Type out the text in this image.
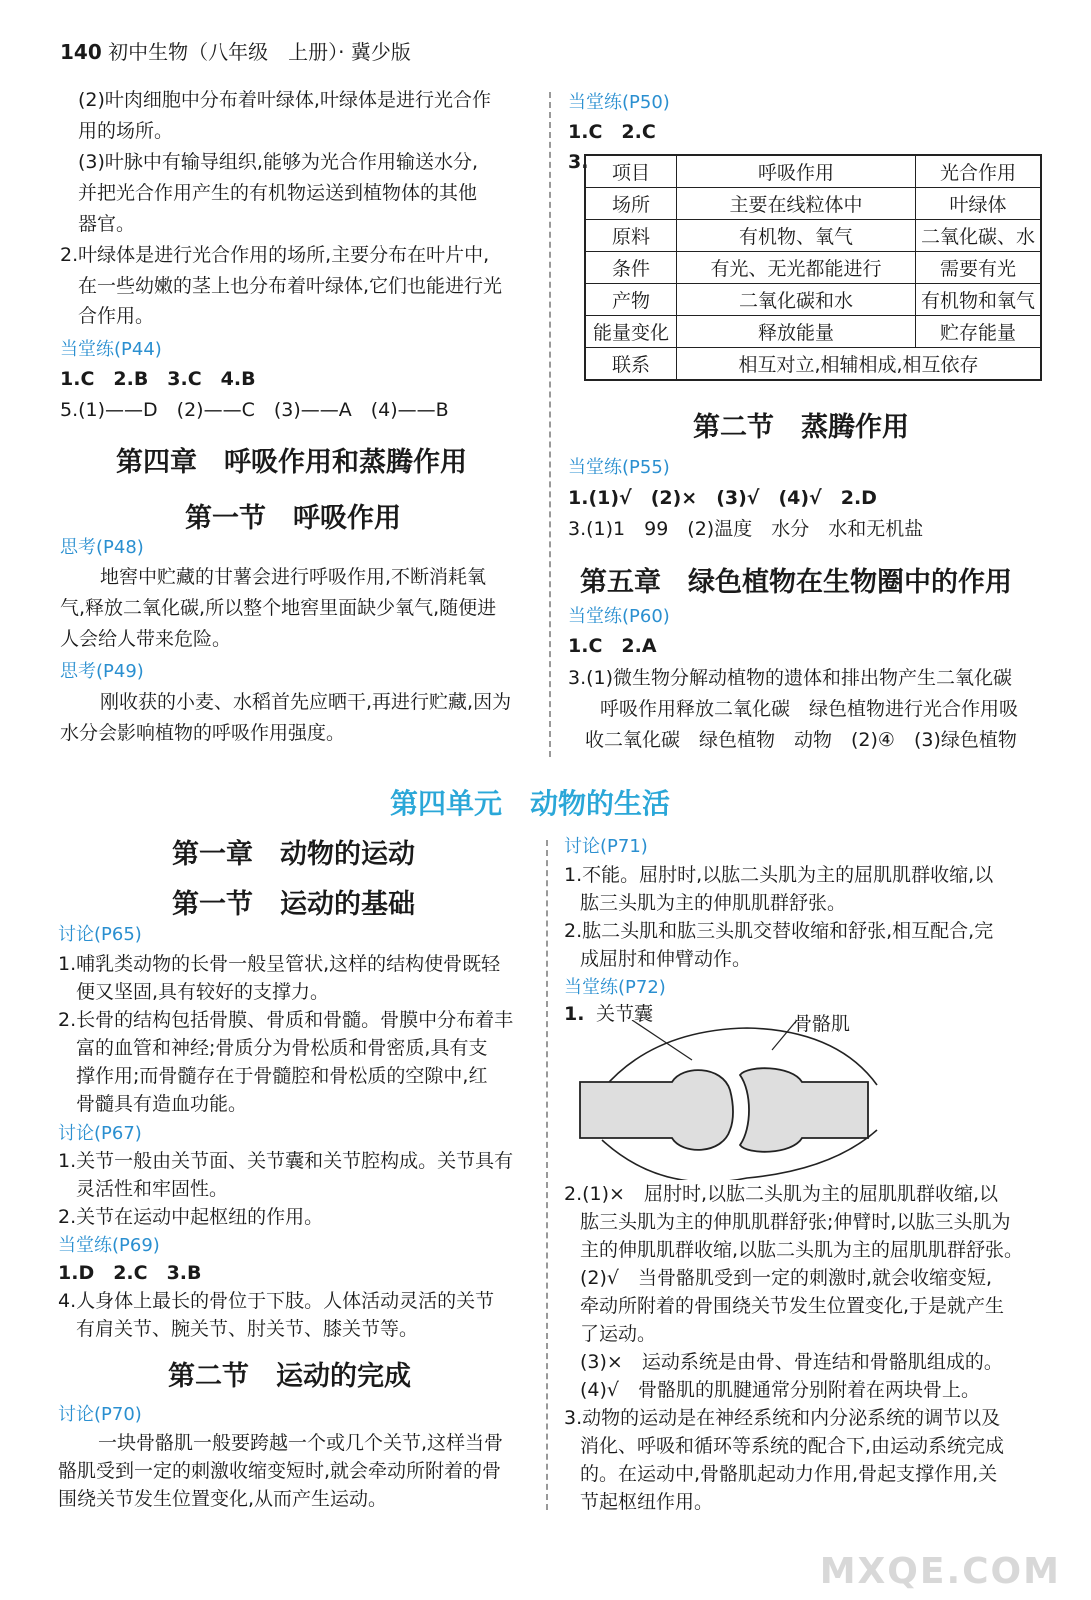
140 初中生物（八年级　上册）· 冀少版
(2)叶肉细胞中分布着叶绿体,叶绿体是进行光合作
用的场所。
(3)叶脉中有输导组织,能够为光合作用输送水分,
并把光合作用产生的有机物运送到植物体的其他
器官。
2.叶绿体是进行光合作用的场所,主要分布在叶片中,
在一些幼嫩的茎上也分布着叶绿体,它们也能进行光
合作用。
当堂练(P44)
1.C　2.B　3.C　4.B
5.(1)——D　(2)——C　(3)——A　(4)——B
第四章　呼吸作用和蒸腾作用
第一节　呼吸作用
思考(P48)
地窖中贮藏的甘薯会进行呼吸作用,不断消耗氧
气,释放二氧化碳,所以整个地窖里面缺少氧气,随便进
人会给人带来危险。
思考(P49)
刚收获的小麦、水稻首先应晒干,再进行贮藏,因为
水分会影响植物的呼吸作用强度。
当堂练(P50)
1.C　2.C
3. 项目	呼吸作用	光合作用
场所	主要在线粒体中	叶绿体
原料	有机物、氧气	二氧化碳、水
条件	有光、无光都能进行	需要有光
产物	二氧化碳和水	有机物和氧气
能量变化	释放能量	贮存能量
联系	相互对立,相辅相成,相互依存	
第二节　蒸腾作用
当堂练(P55)
1.(1)√　(2)×　(3)√　(4)√　2.D
3.(1)1　99　(2)温度　水分　水和无机盐
第五章　绿色植物在生物圈中的作用
当堂练(P60)
1.C　2.A
3.(1)微生物分解动植物的遗体和排出物产生二氧化碳
呼吸作用释放二氧化碳　绿色植物进行光合作用吸
收二氧化碳　绿色植物　动物　(2)④　(3)绿色植物
第四单元　动物的生活
第一章　动物的运动
第一节　运动的基础
讨论(P65)
1.哺乳类动物的长骨一般呈管状,这样的结构使骨既轻
便又坚固,具有较好的支撑力。
2.长骨的结构包括骨膜、骨质和骨髓。骨膜中分布着丰
富的血管和神经;骨质分为骨松质和骨密质,具有支
撑作用;而骨髓存在于骨髓腔和骨松质的空隙中,红
骨髓具有造血功能。
讨论(P67)
1.关节一般由关节面、关节囊和关节腔构成。关节具有
灵活性和牢固性。
2.关节在运动中起枢纽的作用。
当堂练(P69)
1.D　2.C　3.B
4.人身体上最长的骨位于下肢。人体活动灵活的关节
有肩关节、腕关节、肘关节、膝关节等。
第二节　运动的完成
讨论(P70)
一块骨骼肌一般要跨越一个或几个关节,这样当骨
骼肌受到一定的刺激收缩变短时,就会牵动所附着的骨
围绕关节发生位置变化,从而产生运动。
讨论(P71)
1.不能。屈肘时,以肱二头肌为主的屈肌肌群收缩,以
肱三头肌为主的伸肌肌群舒张。
2.肱二头肌和肱三头肌交替收缩和舒张,相互配合,完
成屈肘和伸臂动作。
当堂练(P72)
1. 关节囊	骨骼肌
2.(1)×　屈肘时,以肱二头肌为主的屈肌肌群收缩,以
肱三头肌为主的伸肌肌群舒张;伸臂时,以肱三头肌为
主的伸肌肌群收缩,以肱二头肌为主的屈肌肌群舒张。
(2)√　当骨骼肌受到一定的刺激时,就会收缩变短,
牵动所附着的骨围绕关节发生位置变化,于是就产生
了运动。
(3)×　运动系统是由骨、骨连结和骨骼肌组成的。
(4)√　骨骼肌的肌腱通常分别附着在两块骨上。
3.动物的运动是在神经系统和内分泌系统的调节以及
消化、呼吸和循环等系统的配合下,由运动系统完成
的。在运动中,骨骼肌起动力作用,骨起支撑作用,关
节起枢纽作用。
MXQE.COM
